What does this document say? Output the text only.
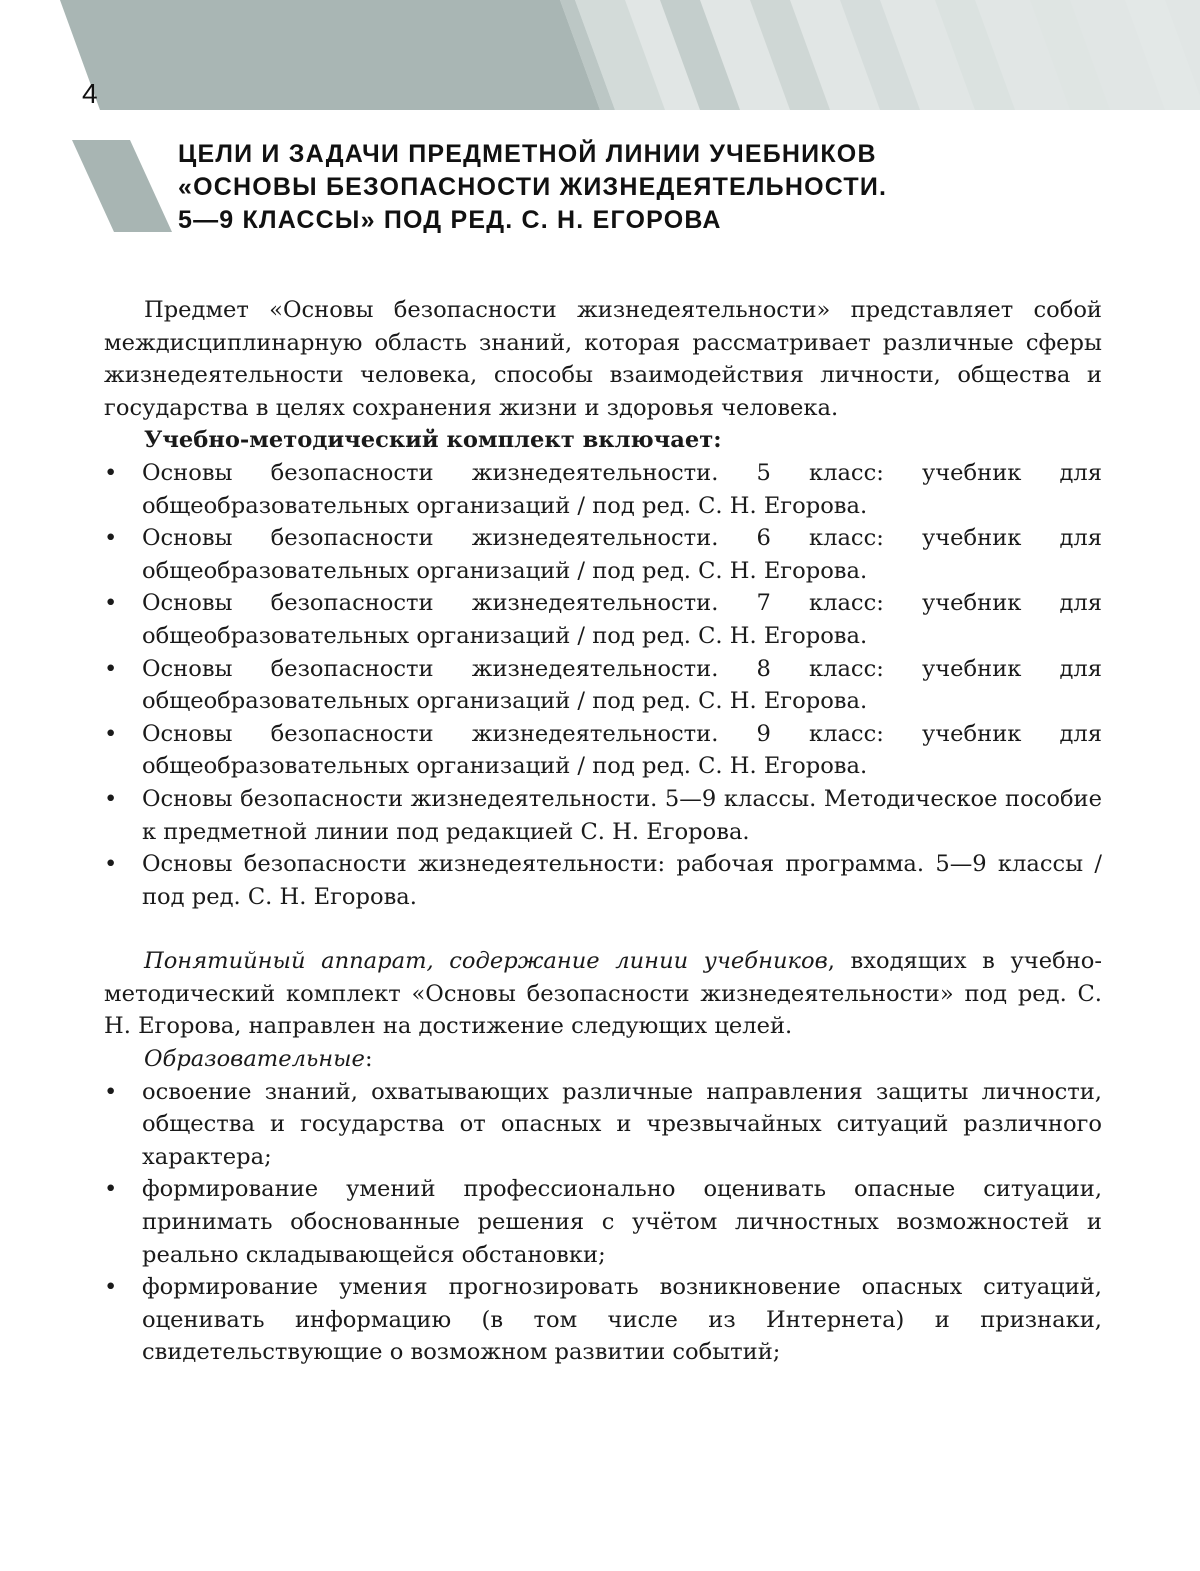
4
ЦЕЛИ И ЗАДАЧИ ПРЕДМЕТНОЙ ЛИНИИ УЧЕБНИКОВ
«ОСНОВЫ БЕЗОПАСНОСТИ ЖИЗНЕДЕЯТЕЛЬНОСТИ.
5—9 КЛАССЫ» ПОД РЕД. С. Н. ЕГОРОВА

Предмет «Основы безопасности жизнедеятельности» представляет собой междисциплинарную область знаний, которая рассматривает различные сферы жизнедеятельности человека, способы взаимодействия личности, общества и государства в целях сохранения жизни и здоровья человека.

Учебно-методический комплект включает:

• Основы безопасности жизнедеятельности. 5 класс: учебник для общеобразовательных организаций / под ред. С. Н. Егорова.
• Основы безопасности жизнедеятельности. 6 класс: учебник для общеобразовательных организаций / под ред. С. Н. Егорова.
• Основы безопасности жизнедеятельности. 7 класс: учебник для общеобразовательных организаций / под ред. С. Н. Егорова.
• Основы безопасности жизнедеятельности. 8 класс: учебник для общеобразовательных организаций / под ред. С. Н. Егорова.
• Основы безопасности жизнедеятельности. 9 класс: учебник для общеобразовательных организаций / под ред. С. Н. Егорова.
• Основы безопасности жизнедеятельности. 5—9 классы. Методическое пособие к предметной линии под редакцией С. Н. Егорова.
• Основы безопасности жизнедеятельности: рабочая программа. 5—9 классы / под ред. С. Н. Егорова.

Понятийный аппарат, содержание линии учебников, входящих в учебно-методический комплект «Основы безопасности жизнедеятельности» под ред. С. Н. Егорова, направлен на достижение следующих целей.

Образовательные:

• освоение знаний, охватывающих различные направления защиты личности, общества и государства от опасных и чрезвычайных ситуаций различного характера;
• формирование умений профессионально оценивать опасные ситуации, принимать обоснованные решения с учётом личностных возможностей и реально складывающейся обстановки;
• формирование умения прогнозировать возникновение опасных ситуаций, оценивать информацию (в том числе из Интернета) и признаки, свидетельствующие о возможном развитии событий;
